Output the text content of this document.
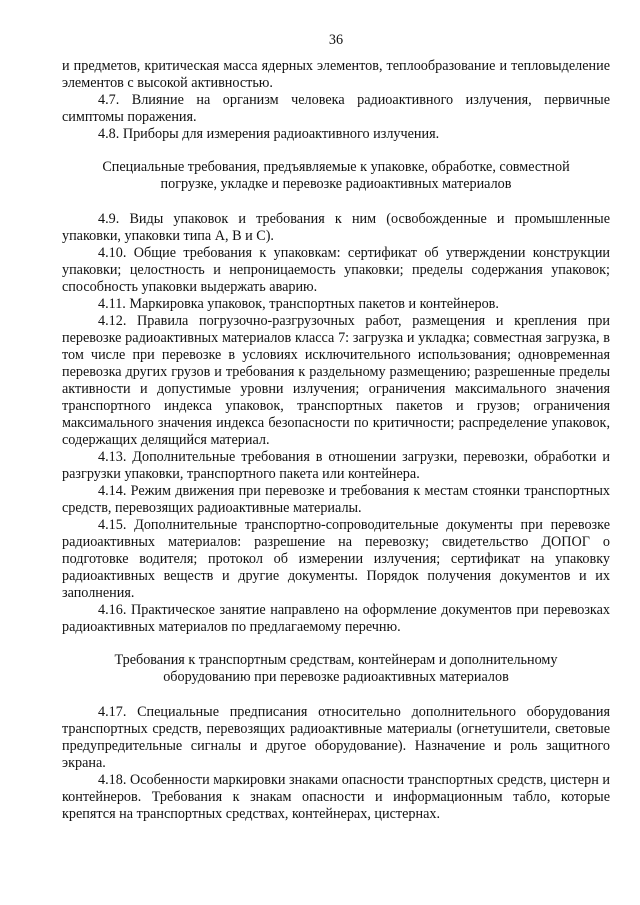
36

и предметов, критическая масса ядерных элементов, теплообразование и тепловыделение элементов с высокой активностью.

4.7. Влияние на организм человека радиоактивного излучения, первичные симптомы поражения.

4.8. Приборы для измерения радиоактивного излучения.

Специальные требования, предъявляемые к упаковке, обработке, совместной
погрузке, укладке и перевозке радиоактивных материалов

4.9. Виды упаковок и требования к ним (освобожденные и промышленные упаковки, упаковки типа А, В и С).

4.10. Общие требования к упаковкам: сертификат об утверждении конструкции упаковки; целостность и непроницаемость упаковки; пределы содержания упаковок; способность упаковки выдержать аварию.

4.11. Маркировка упаковок, транспортных пакетов и контейнеров.

4.12. Правила погрузочно-разгрузочных работ, размещения и крепления при перевозке радиоактивных материалов класса 7: загрузка и укладка; совместная загрузка, в том числе при перевозке в условиях исключительного использования; одновременная перевозка других грузов и требования к раздельному размещению; разрешенные пределы активности и допустимые уровни излучения; ограничения максимального значения транспортного индекса упаковок, транспортных пакетов и грузов; ограничения максимального значения индекса безопасности по критичности; распределение упаковок, содержащих делящийся материал.

4.13. Дополнительные требования в отношении загрузки, перевозки, обработки и разгрузки упаковки, транспортного пакета или контейнера.

4.14. Режим движения при перевозке и требования к местам стоянки транспортных средств, перевозящих радиоактивные материалы.

4.15. Дополнительные транспортно-сопроводительные документы при перевозке радиоактивных материалов: разрешение на перевозку; свидетельство ДОПОГ о подготовке водителя; протокол об измерении излучения; сертификат на упаковку радиоактивных веществ и другие документы. Порядок получения документов и их заполнения.

4.16. Практическое занятие направлено на оформление документов при перевозках радиоактивных материалов по предлагаемому перечню.

Требования к транспортным средствам, контейнерам и дополнительному
оборудованию при перевозке радиоактивных материалов

4.17. Специальные предписания относительно дополнительного оборудования транспортных средств, перевозящих радиоактивные материалы (огнетушители, световые предупредительные сигналы и другое оборудование). Назначение и роль защитного экрана.

4.18. Особенности маркировки знаками опасности транспортных средств, цистерн и контейнеров. Требования к знакам опасности и информационным табло, которые крепятся на транспортных средствах, контейнерах, цистернах.
